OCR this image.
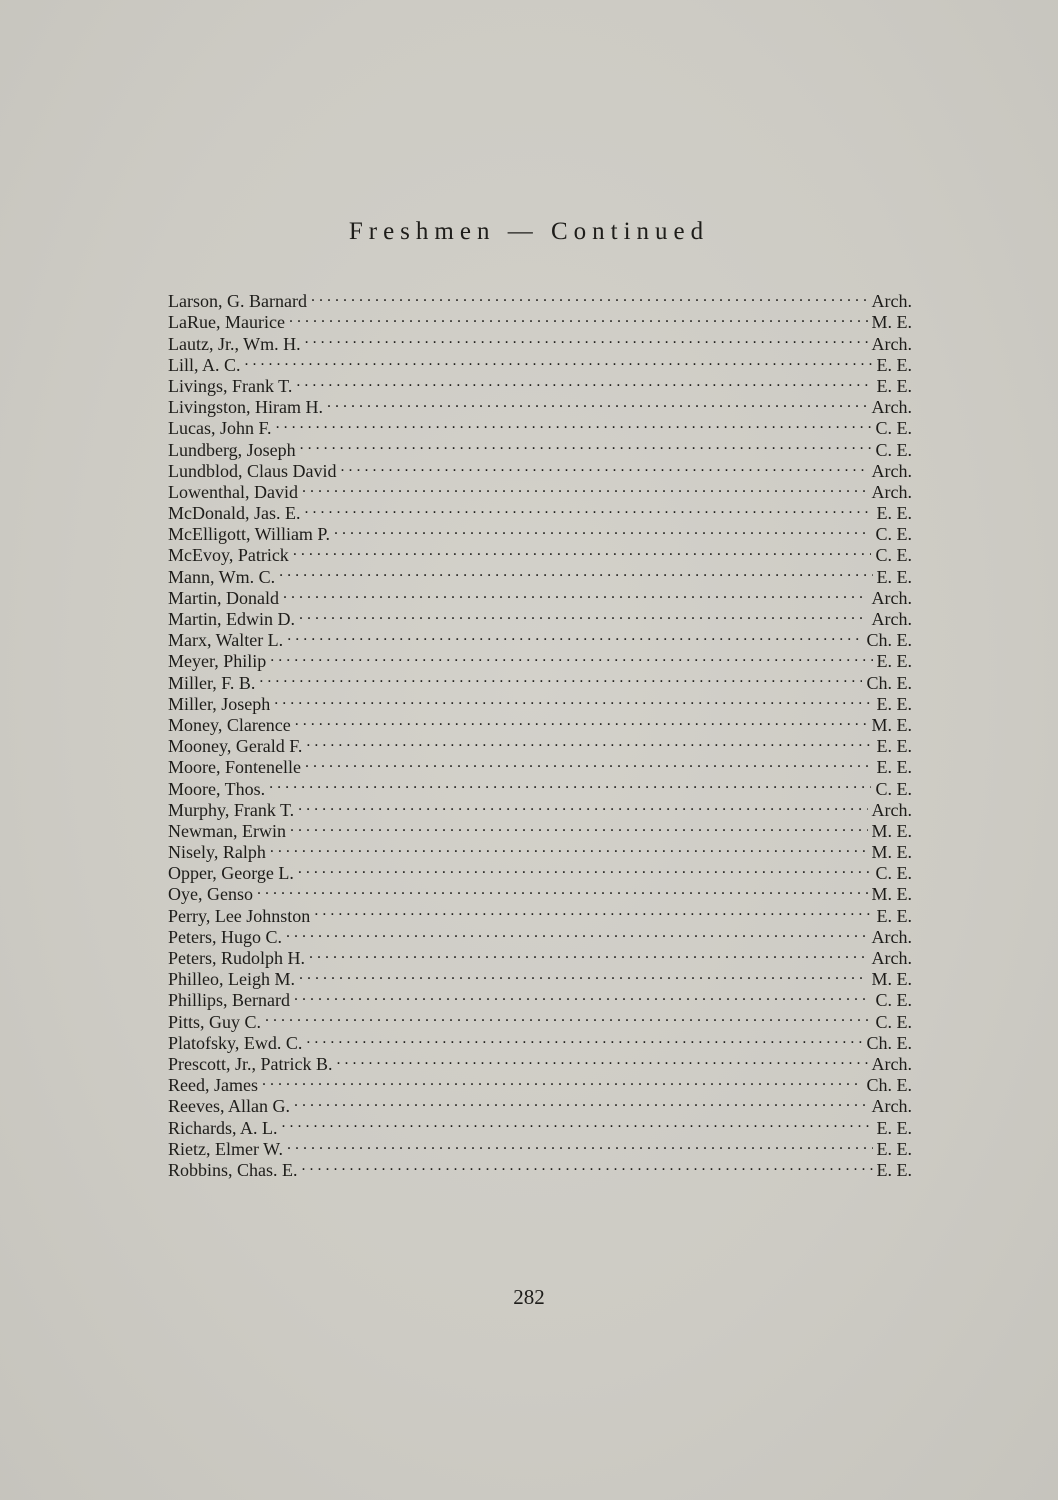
Freshmen — Continued
Larson, G. Barnard . . .	Arch.
LaRue, Maurice . . .	M. E.
Lautz, Jr., Wm. H. . . .	Arch.
Lill, A. C. . . .	E. E.
Livings, Frank T. . . .	E. E.
Livingston, Hiram H. . . .	Arch.
Lucas, John F. . . .	C. E.
Lundberg, Joseph . . .	C. E.
Lundblod, Claus David . . .	Arch.
Lowenthal, David . . .	Arch.
McDonald, Jas. E. . . .	E. E.
McElligott, William P. . . .	C. E.
McEvoy, Patrick . . .	C. E.
Mann, Wm. C. . . .	E. E.
Martin, Donald . . .	Arch.
Martin, Edwin D. . . .	Arch.
Marx, Walter L. . . .	Ch. E.
Meyer, Philip . . .	E. E.
Miller, F. B. . . .	Ch. E.
Miller, Joseph . . .	E. E.
Money, Clarence . . .	M. E.
Mooney, Gerald F. . . .	E. E.
Moore, Fontenelle . . .	E. E.
Moore, Thos. . . .	C. E.
Murphy, Frank T. . . .	Arch.
Newman, Erwin . . .	M. E.
Nisely, Ralph . . .	M. E.
Opper, George L. . . .	C. E.
Oye, Genso . . .	M. E.
Perry, Lee Johnston . . .	E. E.
Peters, Hugo C. . . .	Arch.
Peters, Rudolph H. . . .	Arch.
Philleo, Leigh M. . . .	M. E.
Phillips, Bernard . . .	C. E.
Pitts, Guy C. . . .	C. E.
Platofsky, Ewd. C. . . .	Ch. E.
Prescott, Jr., Patrick B. . . .	Arch.
Reed, James . . .	Ch. E.
Reeves, Allan G. . . .	Arch.
Richards, A. L. . . .	E. E.
Rietz, Elmer W. . . .	E. E.
Robbins, Chas. E. . . .	E. E.
282
